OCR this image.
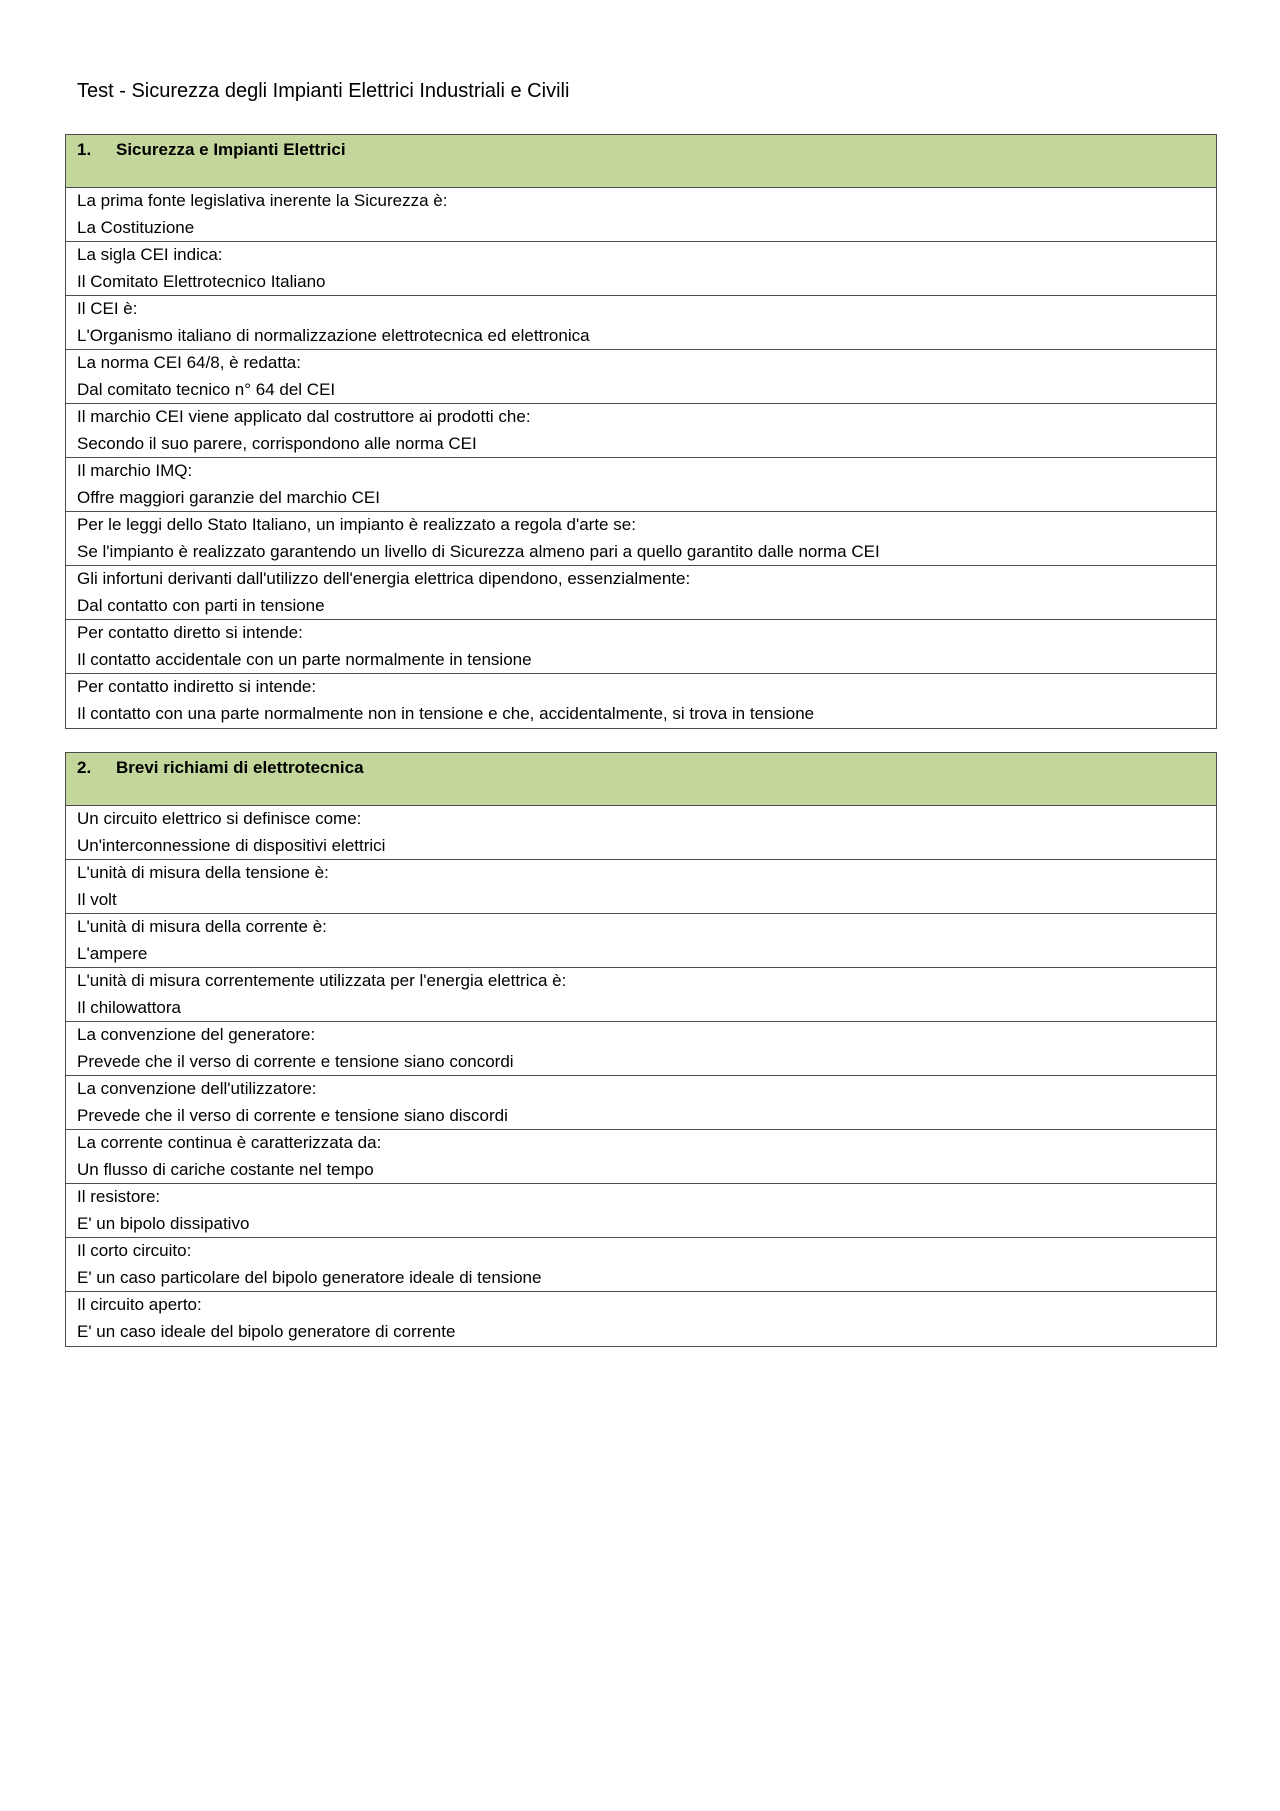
Test - Sicurezza degli Impianti Elettrici Industriali e Civili
1. Sicurezza e Impianti Elettrici
La prima fonte legislativa inerente la Sicurezza è:
La Costituzione
La sigla CEI indica:
Il Comitato Elettrotecnico Italiano
Il CEI è:
L'Organismo italiano di normalizzazione elettrotecnica ed elettronica
La norma CEI 64/8, è redatta:
Dal comitato tecnico n° 64 del CEI
Il marchio CEI viene applicato dal costruttore ai prodotti che:
Secondo il suo parere, corrispondono alle norma CEI
Il marchio IMQ:
Offre maggiori garanzie del marchio CEI
Per le leggi dello Stato Italiano, un impianto è realizzato a regola d'arte se:
Se l'impianto è realizzato garantendo un livello di Sicurezza almeno pari a quello garantito dalle norma CEI
Gli infortuni derivanti dall'utilizzo dell'energia elettrica dipendono, essenzialmente:
Dal contatto con parti in tensione
Per contatto diretto si intende:
Il contatto accidentale con un parte normalmente in tensione
Per contatto indiretto si intende:
Il contatto con una parte normalmente non in tensione e che, accidentalmente, si trova in tensione
2. Brevi richiami di elettrotecnica
Un circuito elettrico si definisce come:
Un'interconnessione di dispositivi elettrici
L'unità di misura della tensione è:
Il volt
L'unità di misura della corrente è:
L'ampere
L'unità di misura correntemente utilizzata per l'energia elettrica è:
Il chilowattora
La convenzione del generatore:
Prevede che il verso di corrente e tensione siano concordi
La convenzione dell'utilizzatore:
Prevede che il verso di corrente e tensione siano discordi
La corrente continua è caratterizzata da:
Un flusso di cariche costante nel tempo
Il resistore:
E' un bipolo dissipativo
Il corto circuito:
E' un caso particolare del bipolo generatore ideale di tensione
Il circuito aperto:
E' un caso ideale del bipolo generatore di corrente
